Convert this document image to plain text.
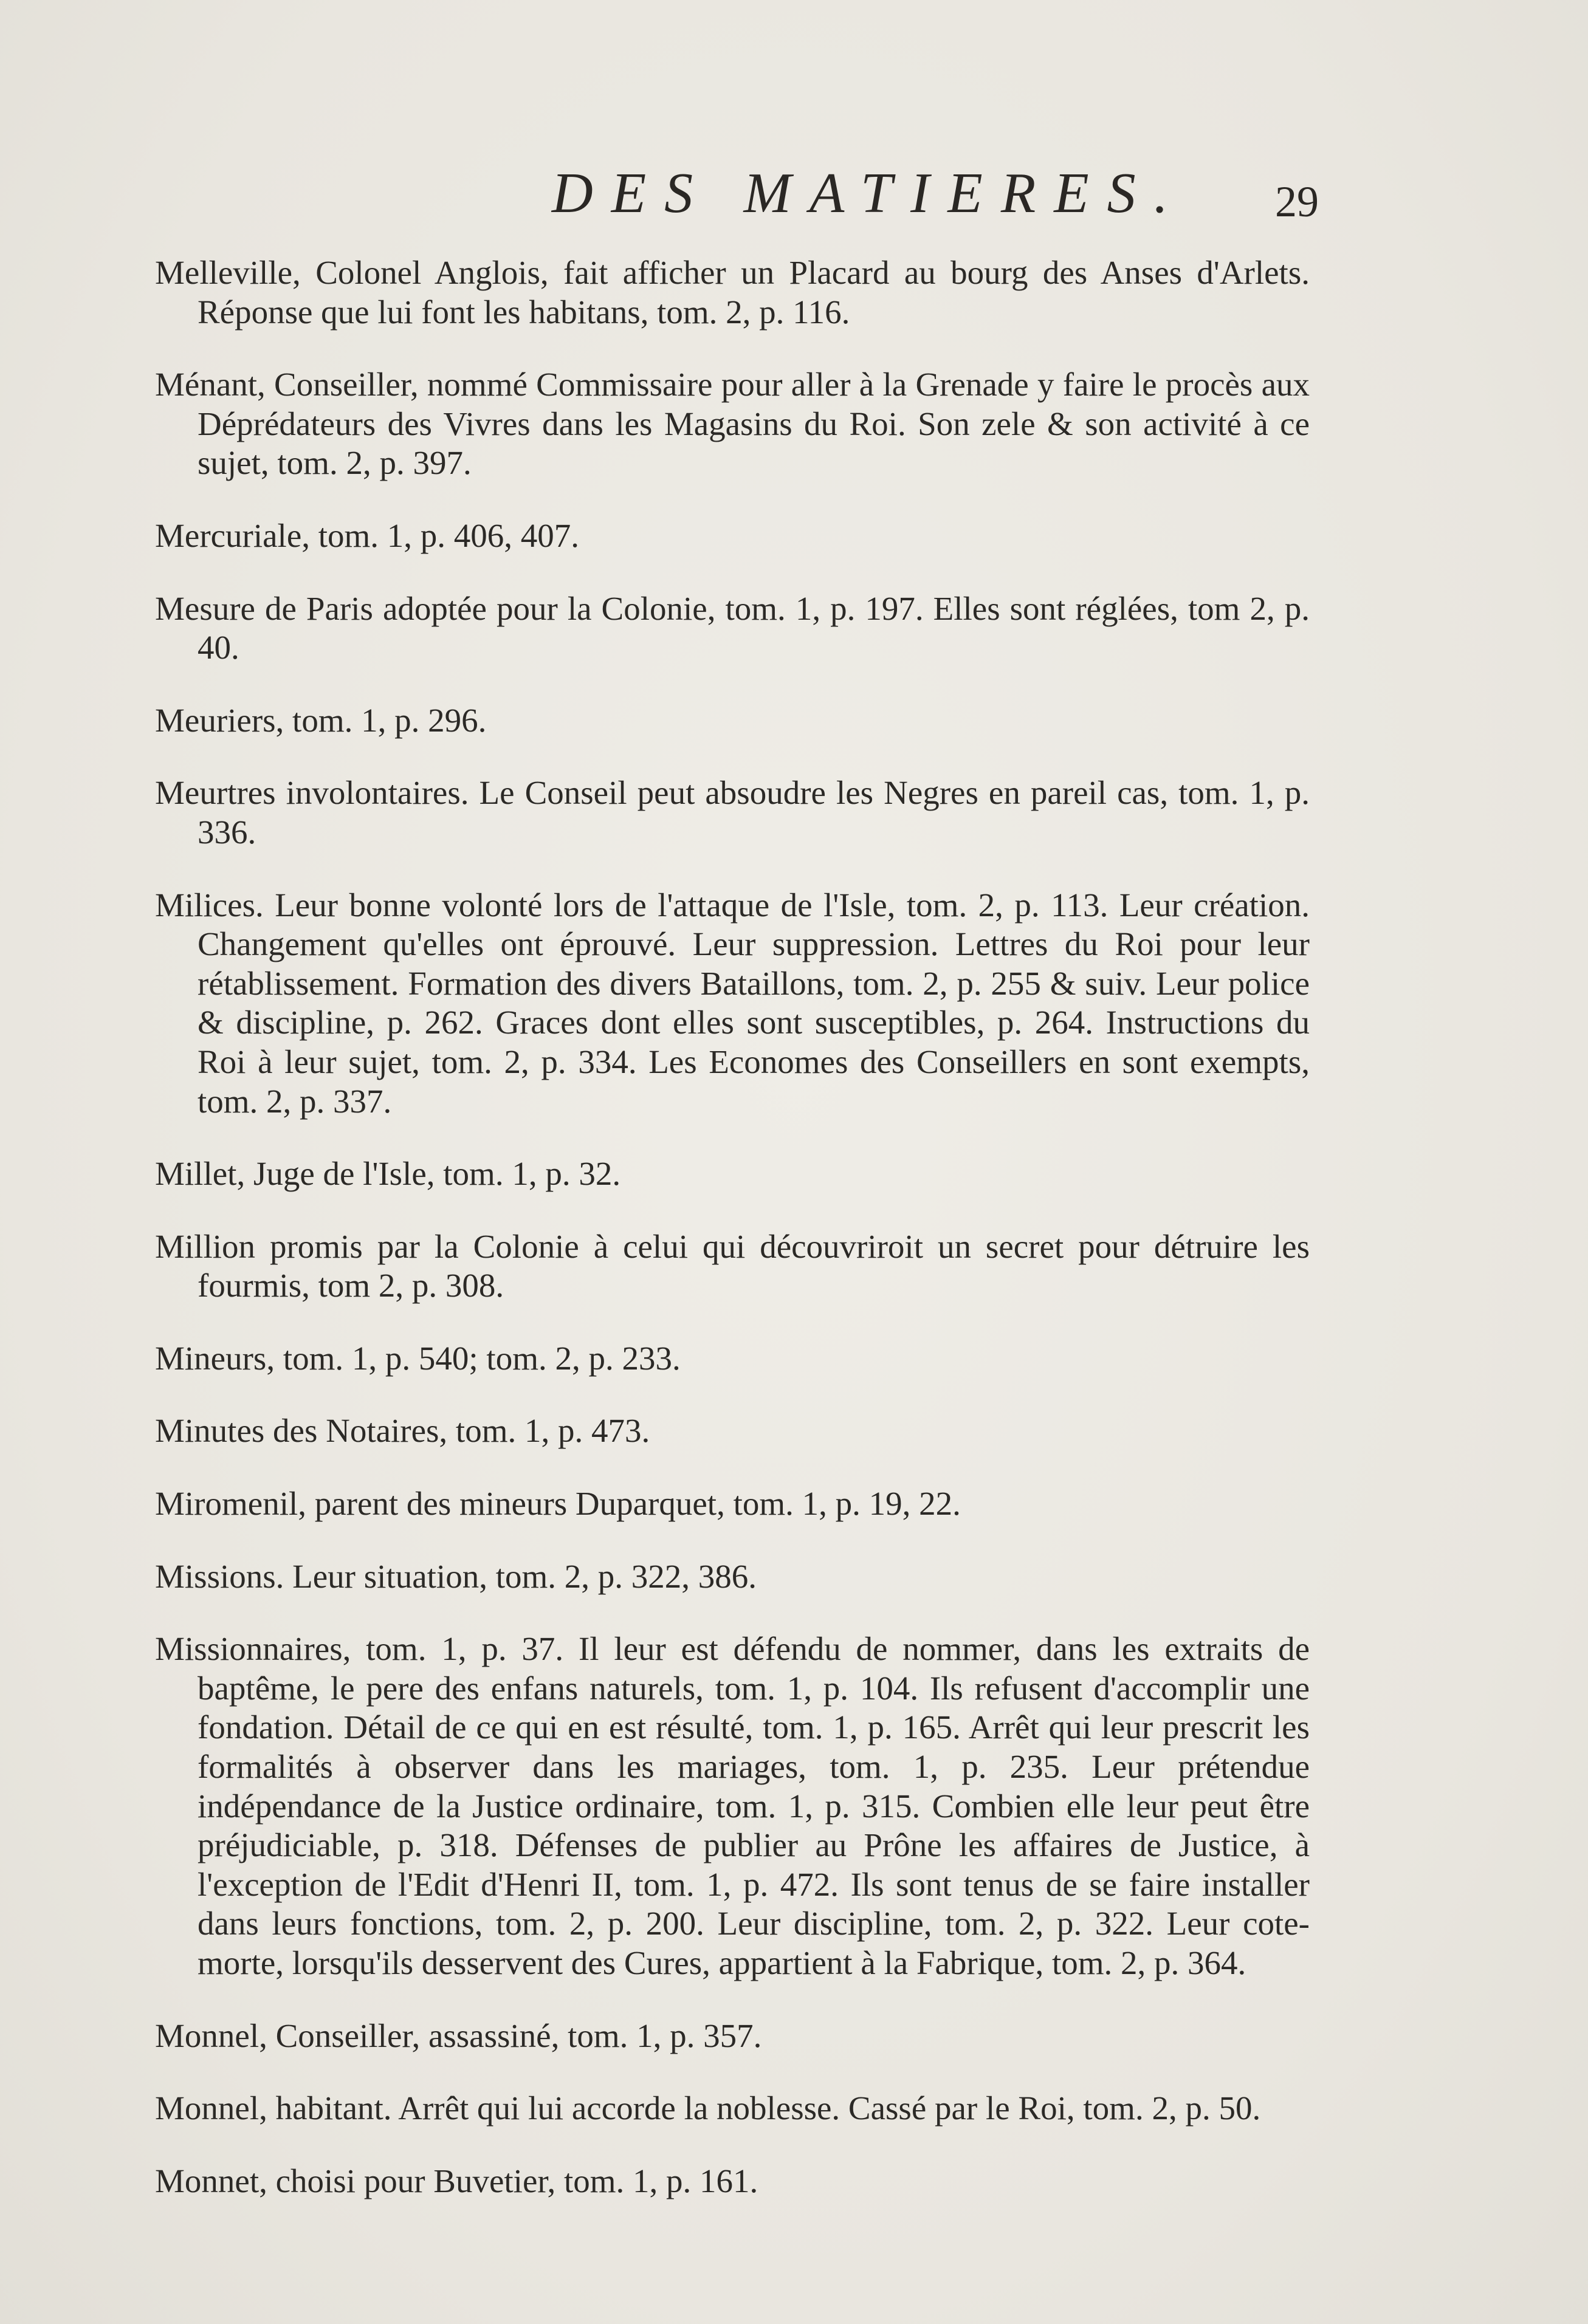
DES MATIERES.	29

Melleville, Colonel Anglois, fait afficher un Placard au bourg des Anses d'Arlets. Réponse que lui font les habitans, tom. 2, p. 116.

Ménant, Conseiller, nommé Commissaire pour aller à la Grenade y faire le procès aux Déprédateurs des Vivres dans les Magasins du Roi. Son zele & son activité à ce sujet, tom. 2, p. 397.

Mercuriale, tom. 1, p. 406, 407.

Mesure de Paris adoptée pour la Colonie, tom. 1, p. 197. Elles sont réglées, tom 2, p. 40.

Meuriers, tom. 1, p. 296.

Meurtres involontaires. Le Conseil peut absoudre les Negres en pareil cas, tom. 1, p. 336.

Milices. Leur bonne volonté lors de l'attaque de l'Isle, tom. 2, p. 113. Leur création. Changement qu'elles ont éprouvé. Leur suppression. Lettres du Roi pour leur rétablissement. Formation des divers Bataillons, tom. 2, p. 255 & suiv. Leur police & discipline, p. 262. Graces dont elles sont susceptibles, p. 264. Instructions du Roi à leur sujet, tom. 2, p. 334. Les Economes des Conseillers en sont exempts, tom. 2, p. 337.

Millet, Juge de l'Isle, tom. 1, p. 32.

Million promis par la Colonie à celui qui découvriroit un secret pour détruire les fourmis, tom 2, p. 308.

Mineurs, tom. 1, p. 540; tom. 2, p. 233.

Minutes des Notaires, tom. 1, p. 473.

Miromenil, parent des mineurs Duparquet, tom. 1, p. 19, 22.

Missions. Leur situation, tom. 2, p. 322, 386.

Missionnaires, tom. 1, p. 37. Il leur est défendu de nommer, dans les extraits de baptême, le pere des enfans naturels, tom. 1, p. 104. Ils refusent d'accomplir une fondation. Détail de ce qui en est résulté, tom. 1, p. 165. Arrêt qui leur prescrit les formalités à observer dans les mariages, tom. 1, p. 235. Leur prétendue indépendance de la Justice ordinaire, tom. 1, p. 315. Combien elle leur peut être préjudiciable, p. 318. Défenses de publier au Prône les affaires de Justice, à l'exception de l'Edit d'Henri II, tom. 1, p. 472. Ils sont tenus de se faire installer dans leurs fonctions, tom. 2, p. 200. Leur discipline, tom. 2, p. 322. Leur cote-morte, lorsqu'ils desservent des Cures, appartient à la Fabrique, tom. 2, p. 364.

Monnel, Conseiller, assassiné, tom. 1, p. 357.

Monnel, habitant. Arrêt qui lui accorde la noblesse. Cassé par le Roi, tom. 2, p. 50.

Monnet, choisi pour Buvetier, tom. 1, p. 161.
